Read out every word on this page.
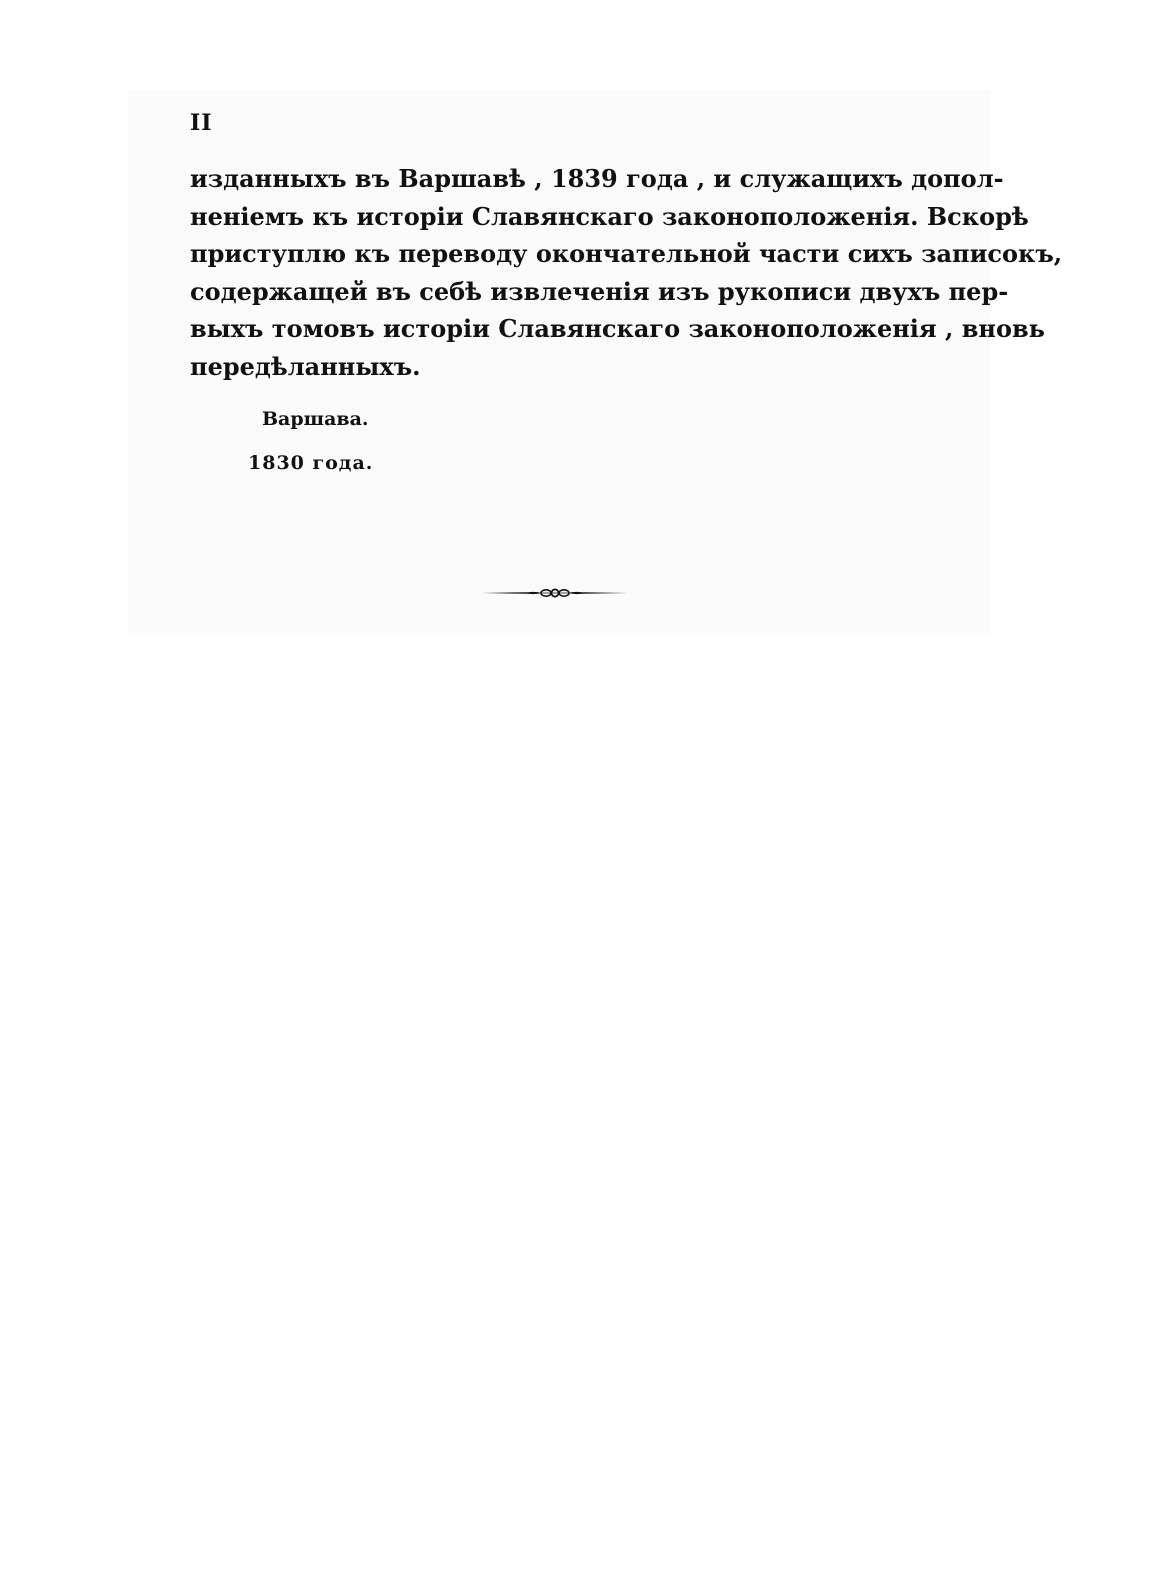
II
изданныхъ въ Варшавѣ , 1839 года , и служащихъ допол-
ненiемъ къ исторiи Славянскаго законоположенiя. Вскорѣ
приступлю къ переводу окончательной части сихъ записокъ,
содержащей въ себѣ извлеченiя изъ рукописи двухъ пер-
выхъ томовъ исторiи Славянскаго законоположенiя , вновь
передѣланныхъ.
Варшава.
1830 года.
